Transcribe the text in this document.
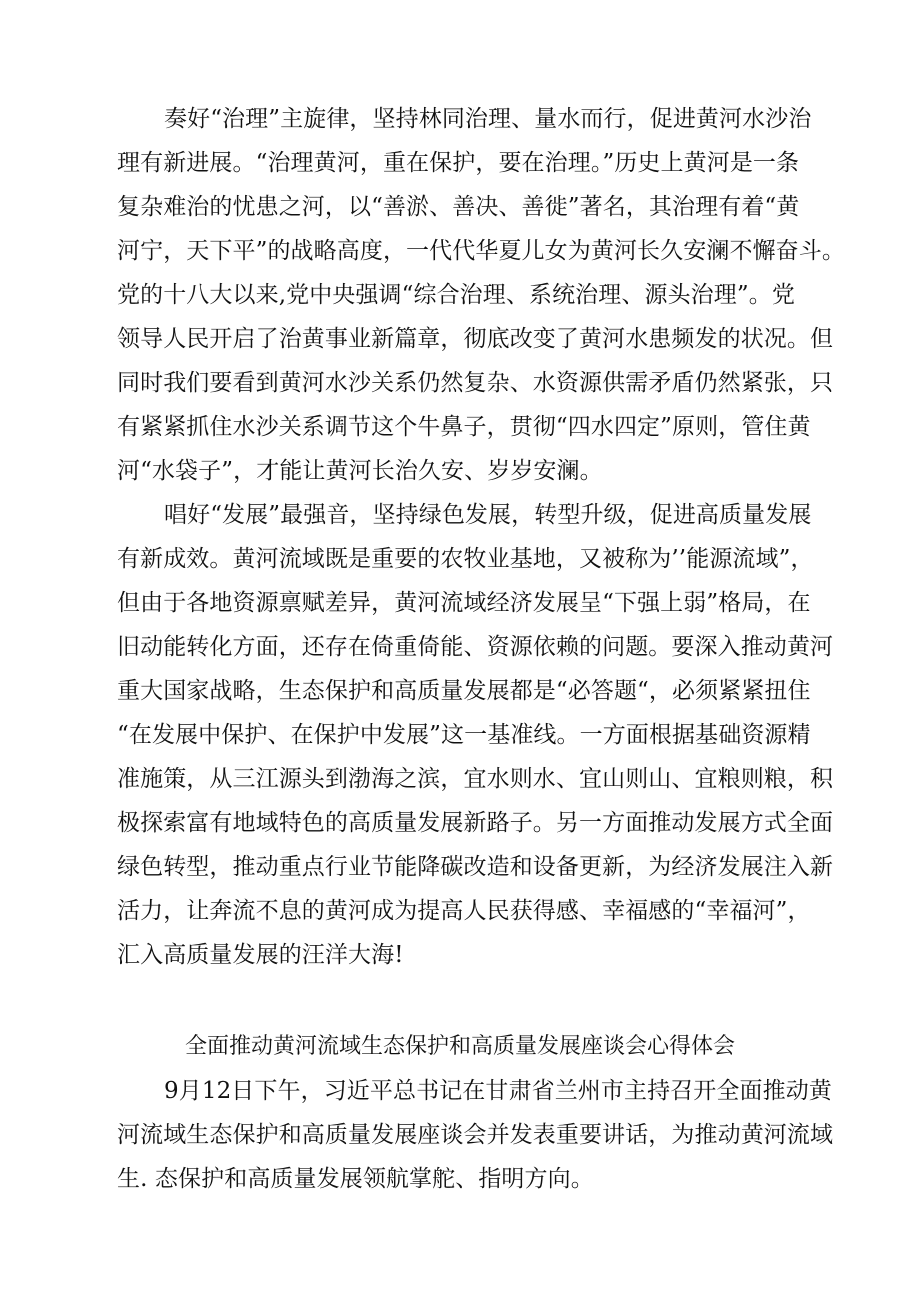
奏好“治理”主旋律，坚持林同治理、量水而行，促进黄河水沙治
理有新进展。“治理黄河，重在保护，要在治理。”历史上黄河是一条
复杂难治的忧患之河，以“善淤、善决、善徙”著名，其治理有着“黄
河宁，天下平”的战略高度，一代代华夏儿女为黄河长久安澜不懈奋斗。
党的十八大以来,党中央强调“综合治理、系统治理、源头治理”。党
领导人民开启了治黄事业新篇章，彻底改变了黄河水患频发的状况。但
同时我们要看到黄河水沙关系仍然复杂、水资源供需矛盾仍然紧张，只
有紧紧抓住水沙关系调节这个牛鼻子，贯彻“四水四定”原则，管住黄
河“水袋子”，才能让黄河长治久安、岁岁安澜。
唱好“发展”最强音，坚持绿色发展，转型升级，促进高质量发展
有新成效。黄河流域既是重要的农牧业基地，又被称为’’能源流域”，
但由于各地资源禀赋差异，黄河流域经济发展呈“下强上弱”格局，在
旧动能转化方面，还存在倚重倚能、资源依赖的问题。要深入推动黄河
重大国家战略，生态保护和高质量发展都是“必答题“，必须紧紧扭住
“在发展中保护、在保护中发展”这一基准线。一方面根据基础资源精
准施策，从三江源头到渤海之滨，宜水则水、宜山则山、宜粮则粮，积
极探索富有地域特色的高质量发展新路子。另一方面推动发展方式全面
绿色转型，推动重点行业节能降碳改造和设备更新，为经济发展注入新
活力，让奔流不息的黄河成为提高人民获得感、幸福感的“幸福河”，
汇入高质量发展的汪洋大海!
全面推动黄河流域生态保护和高质量发展座谈会心得体会
9月12日下午，习近平总书记在甘肃省兰州市主持召开全面推动黄
河流域生态保护和高质量发展座谈会并发表重要讲话，为推动黄河流域
生. 态保护和高质量发展领航掌舵、指明方向。
